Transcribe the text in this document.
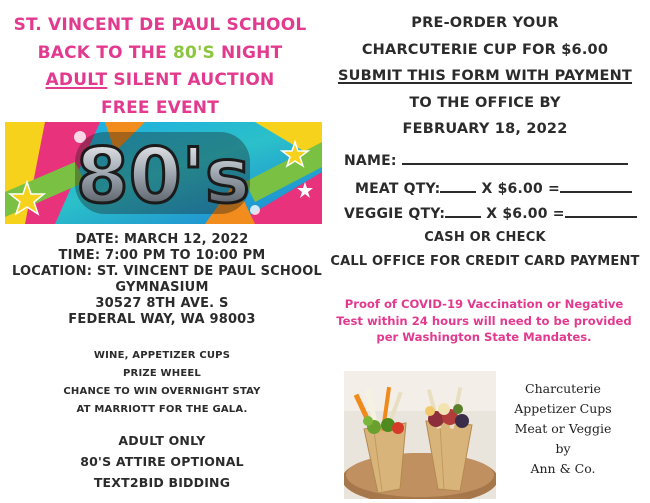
ST. VINCENT DE PAUL SCHOOL
BACK TO THE 80'S NIGHT
ADULT SILENT AUCTION
FREE EVENT
80's
DATE: MARCH 12, 2022
TIME: 7:00 PM TO 10:00 PM
LOCATION: ST. VINCENT DE PAUL SCHOOL
GYMNASIUM
30527 8TH AVE. S
FEDERAL WAY, WA 98003
WINE, APPETIZER CUPS
PRIZE WHEEL
CHANCE TO WIN OVERNIGHT STAY
AT MARRIOTT FOR THE GALA.
ADULT ONLY
80'S ATTIRE OPTIONAL
TEXT2BID BIDDING
PRE-ORDER YOUR
CHARCUTERIE CUP FOR $6.00
SUBMIT THIS FORM WITH PAYMENT
TO THE OFFICE BY
FEBRUARY 18, 2022
NAME:
MEAT QTY:	X $6.00 =
VEGGIE QTY:	X $6.00 =
CASH OR CHECK
CALL OFFICE FOR CREDIT CARD PAYMENT
Proof of COVID-19 Vaccination or Negative Test within 24 hours will need to be provided per Washington State Mandates.
Charcuterie
Appetizer Cups
Meat or Veggie
by
Ann & Co.
